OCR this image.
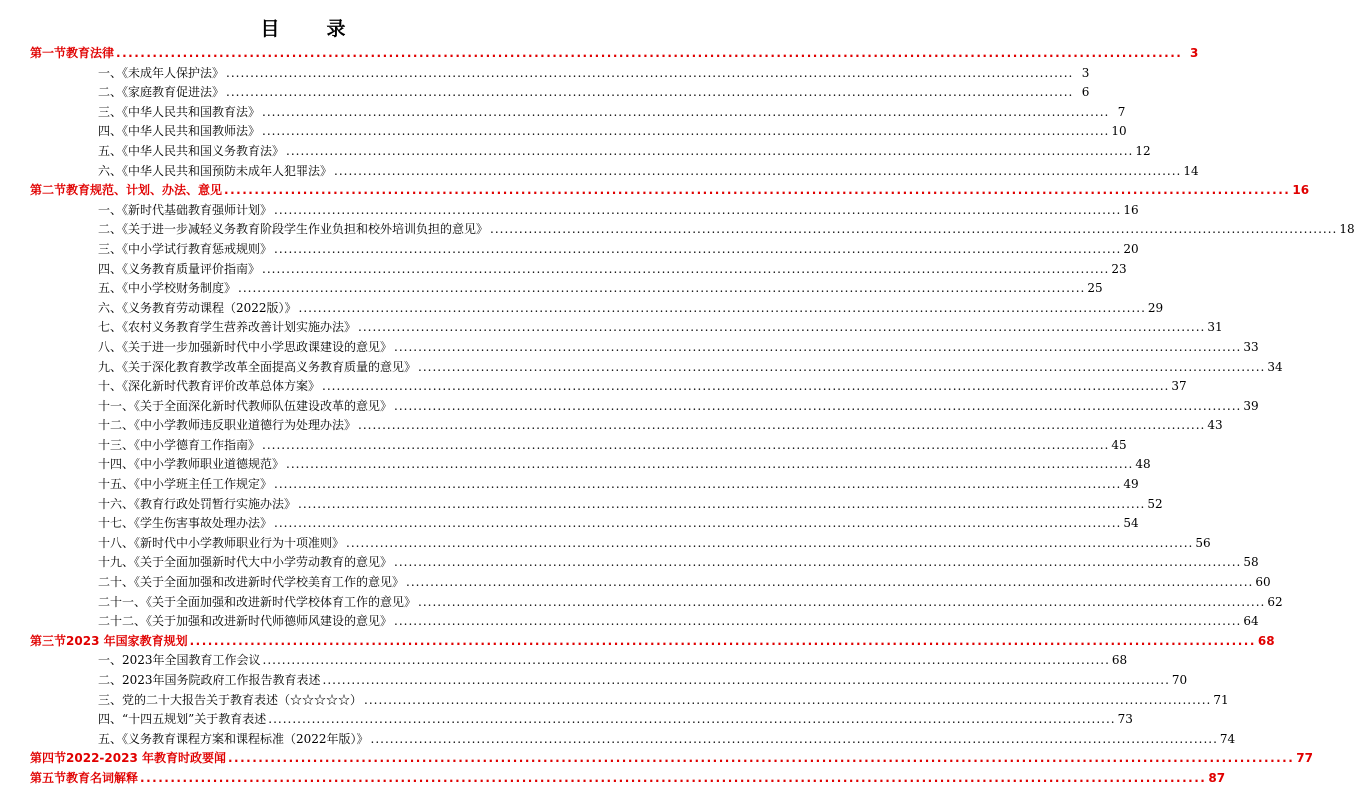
目　录
第一节 教育法律 .....	3
一、《未成年人保护法》 .....	3
二、《家庭教育促进法》 .....	6
三、《中华人民共和国教育法》 .....	7
四、《中华人民共和国教师法》 .....	10
五、《中华人民共和国义务教育法》 .....	12
六、《中华人民共和国预防未成年人犯罪法》 .....	14
第二节 教育规范、计划、办法、意见 .....	16
一、《新时代基础教育强师计划》 .....	16
二、《关于进一步减轻义务教育阶段学生作业负担和校外培训负担的意见》 .....	18
三、《中小学试行教育惩戒规则》 .....	20
四、《义务教育质量评价指南》 .....	23
五、《中小学校财务制度》 .....	25
六、《义务教育劳动课程（2022版）》 .....	29
七、《农村义务教育学生营养改善计划实施办法》 .....	31
八、《关于进一步加强新时代中小学思政课建设的意见》 .....	33
九、《关于深化教育教学改革全面提高义务教育质量的意见》 .....	34
十、《深化新时代教育评价改革总体方案》 .....	37
十一、《关于全面深化新时代教师队伍建设改革的意见》 .....	39
十二、《中小学教师违反职业道德行为处理办法》 .....	43
十三、《中小学德育工作指南》 .....	45
十四、《中小学教师职业道德规范》 .....	48
十五、《中小学班主任工作规定》 .....	49
十六、《教育行政处罚暂行实施办法》 .....	52
十七、《学生伤害事故处理办法》 .....	54
十八、《新时代中小学教师职业行为十项准则》 .....	56
十九、《关于全面加强新时代大中小学劳动教育的意见》 .....	58
二十、《关于全面加强和改进新时代学校美育工作的意见》 .....	60
二十一、《关于全面加强和改进新时代学校体育工作的意见》 .....	62
二十二、《关于加强和改进新时代师德师风建设的意见》 .....	64
第三节 2023 年国家教育规划 .....	68
一、2023年全国教育工作会议 .....	68
二、2023年国务院政府工作报告教育表述 .....	70
三、党的二十大报告关于教育表述（☆☆☆☆☆） .....	71
四、“十四五规划”关于教育表述 .....	73
五、《义务教育课程方案和课程标准（2022年版）》 .....	74
第四节 2022-2023 年教育时政要闻 .....	77
第五节 教育名词解释 .....	87
